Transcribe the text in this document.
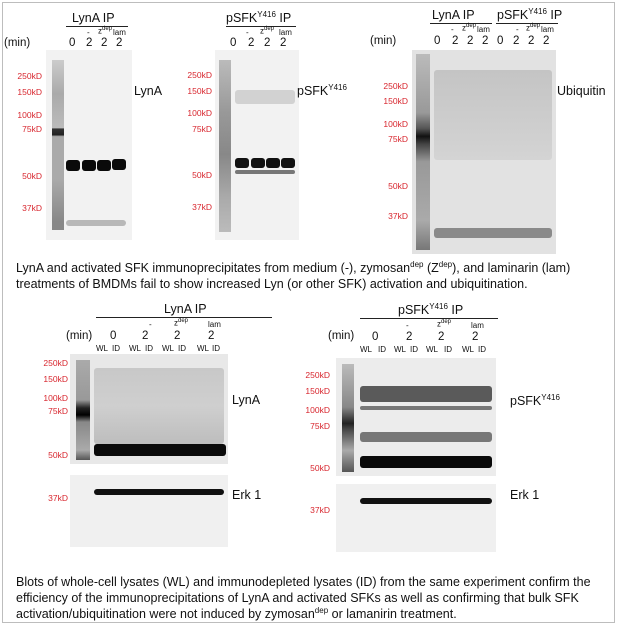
LynA IP
(min)
- $z^{dep}$ lam
0 2 2 2
250kD
150kD
100kD
75kD
50kD
37kD
LynA
pSFK$^{Y416}$ IP
- $z^{dep}$ lam
0 2 2 2
250kD
150kD
100kD
75kD
50kD
37kD
pSFK$^{Y416}$
LynA IP pSFK$^{Y416}$ IP
(min)
- $z^{dep}$ lam	- $z^{dep}$ lam
0 2 2 2 0 2 2 2
250kD
150kD
100kD
75kD
50kD
37kD
Ubiquitin
LynA and activated SFK immunoprecipitates from medium (-), zymosan$^{dep}$ $(Z^{dep})$, and laminarin (lam) treatments of BMDMs fail to show increased Lyn (or other SFK) activation and ubiquitination.
LynA IP
(min)
-	$z^{dep}$ lam
0 2 2 2
WL ID WL ID WL ID WL ID
250kD
150kD
100kD
75kD
50kD
37kD
LynA
Erk 1
pSFK$^{Y416}$ IP
(min)
-	$z^{dep}$ lam
0 2 2 2
WL ID WL ID WL ID WL ID
250kD
150kD
100kD
75kD
50kD
37kD
pSFK$^{Y416}$
Erk 1
Blots of whole-cell lysates (WL) and immunodepleted lysates (ID) from the same experiment confirm the efficiency of the immunoprecipitations of LynA and activated SFKs as well as confirming that bulk SFK activation/ubiquitination were not induced by zymosan$^{dep}$ or lamanirin treatment.
